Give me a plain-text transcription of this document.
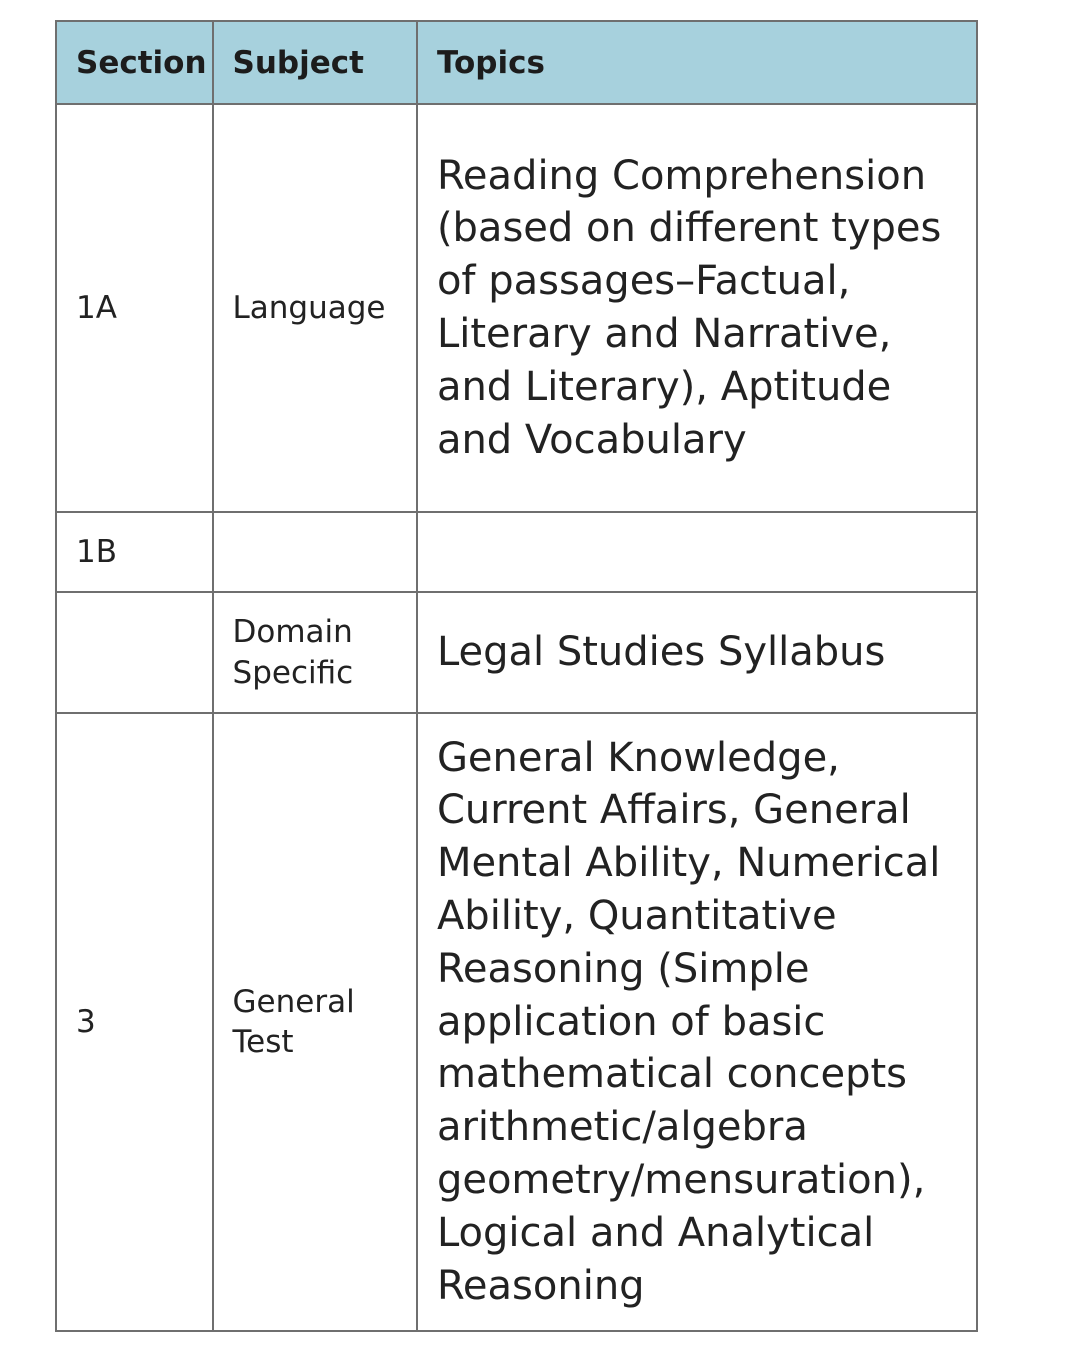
Section	Subject	Topics
1A	Language	Reading Comprehension (based on different types of passages–Factual, Literary and Narrative, and Literary), Aptitude and Vocabulary
1B		
	Domain Specific	Legal Studies Syllabus
3	General Test	General Knowledge, Current Affairs, General Mental Ability, Numerical Ability, Quantitative Reasoning (Simple application of basic mathematical concepts arithmetic/algebra geometry/mensuration), Logical and Analytical Reasoning
